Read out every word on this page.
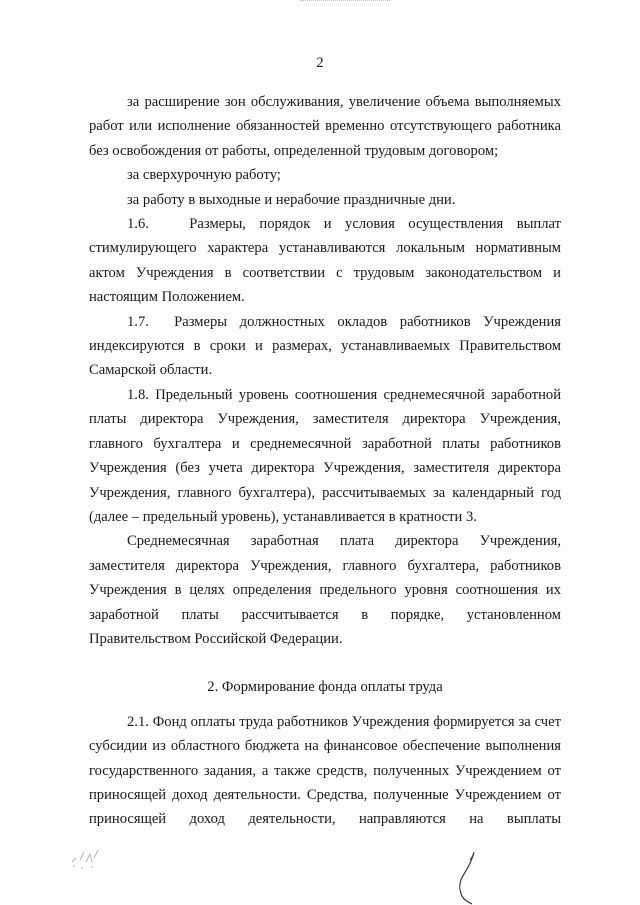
2

за расширение зон обслуживания, увеличение объема выполняемых работ или исполнение обязанностей временно отсутствующего работника без освобождения от работы, определенной трудовым договором;

за сверхурочную работу;

за работу в выходные и нерабочие праздничные дни.

1.6.   Размеры, порядок и условия осуществления выплат стимулирующего характера устанавливаются локальным нормативным актом Учреждения в соответствии с трудовым законодательством и настоящим Положением.

1.7.  Размеры должностных окладов работников Учреждения индексируются в сроки и размерах, устанавливаемых Правительством Самарской области.

1.8. Предельный уровень соотношения среднемесячной заработной платы директора Учреждения, заместителя директора Учреждения, главного бухгалтера и среднемесячной заработной платы работников Учреждения (без учета директора Учреждения, заместителя директора Учреждения, главного бухгалтера), рассчитываемых за календарный год (далее – предельный уровень), устанавливается в кратности 3.

Среднемесячная заработная плата директора Учреждения, заместителя директора Учреждения, главного бухгалтера, работников Учреждения в целях определения предельного уровня соотношения их заработной платы рассчитывается в порядке, установленном Правительством Российской Федерации.

2. Формирование фонда оплаты труда

2.1. Фонд оплаты труда работников Учреждения формируется за счет субсидии из областного бюджета на финансовое обеспечение выполнения государственного задания, а также средств, полученных Учреждением от приносящей доход деятельности. Средства, полученные Учреждением от приносящей доход деятельности, направляются на выплаты
